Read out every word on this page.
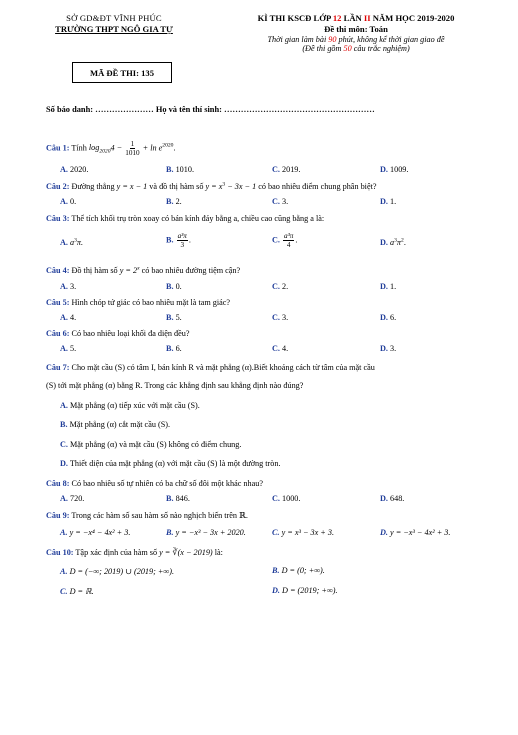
SỞ GD&ĐT VĨNH PHÚC
TRƯỜNG THPT NGÔ GIA TỰ
MÃ ĐỀ THI: 135
KÌ THI KSCĐ LỚP 12 LẦN II NĂM HỌC 2019-2020
Đề thi môn: Toán
Thời gian làm bài 90 phút, không kể thời gian giao đề
(Đề thi gồm 50 câu trắc nghiệm)
Số báo danh: ………………… Họ và tên thí sinh: ………………………………………………
Câu 1: Tính $\log_{2020}4 - \frac{1}{1010} + \ln e^{2020}$.
A. 2020.	B. 1010.	C. 2019.	D. 1009.
Câu 2: Đường thẳng y = x − 1 và đồ thị hàm số $y = x^3 - 3x - 1$ có bao nhiêu điểm chung phân biệt?
A. 0.	B. 2.	C. 3.	D. 1.
Câu 3: Thể tích khối trụ tròn xoay có bán kính đáy bằng a, chiều cao cũng bằng a là:
A. $a^3\pi$.	B. $\frac{\text{a³π}}{3}$ .	C. $\frac{\text{a³π}}{4}$ .	D. $a^3\pi^2$.
Câu 4: Đồ thị hàm số $y = 2^x$ có bao nhiêu đường tiệm cận?
A. 3.	B. 0.	C. 2.	D. 1.
Câu 5: Hình chóp tứ giác có bao nhiêu mặt là tam giác?
A. 4.	B. 5.	C. 3.	D. 6.
Câu 6: Có bao nhiêu loại khối đa diện đều?
A. 5.	B. 6.	C. 4.	D. 3.
Câu 7: Cho mặt cầu (S) có tâm I, bán kính R và mặt phẳng (α).Biết khoảng cách từ tâm của mặt cầu
(S) tới mặt phẳng (α) bằng R. Trong các khẳng định sau khẳng định nào đúng?
A. Mặt phẳng (α) tiếp xúc với mặt cầu (S).
B. Mặt phẳng (α) cắt mặt cầu (S).
C. Mặt phẳng (α) và mặt cầu (S) không có điểm chung.
D. Thiết diện của mặt phẳng (α) với mặt cầu (S) là một đường tròn.
Câu 8: Có bao nhiêu số tự nhiên có ba chữ số đôi một khác nhau?
A. 720.	B. 846.	C. 1000.	D. 648.
Câu 9: Trong các hàm số sau hàm số nào nghịch biến trên ℝ.
A. y = −x⁴ − 4x² + 3.	B. y = −x³ − 3x + 2020.	C. y = x³ − 3x + 3.	D. y = −x³ − 4x² + 3.
Câu 10: Tập xác định của hàm số y = ∛(x − 2019) là:
A. D = (−∞; 2019) ∪ (2019; +∞).	B. D = (0; +∞).
C. D = ℝ.	D. D = (2019; +∞).
